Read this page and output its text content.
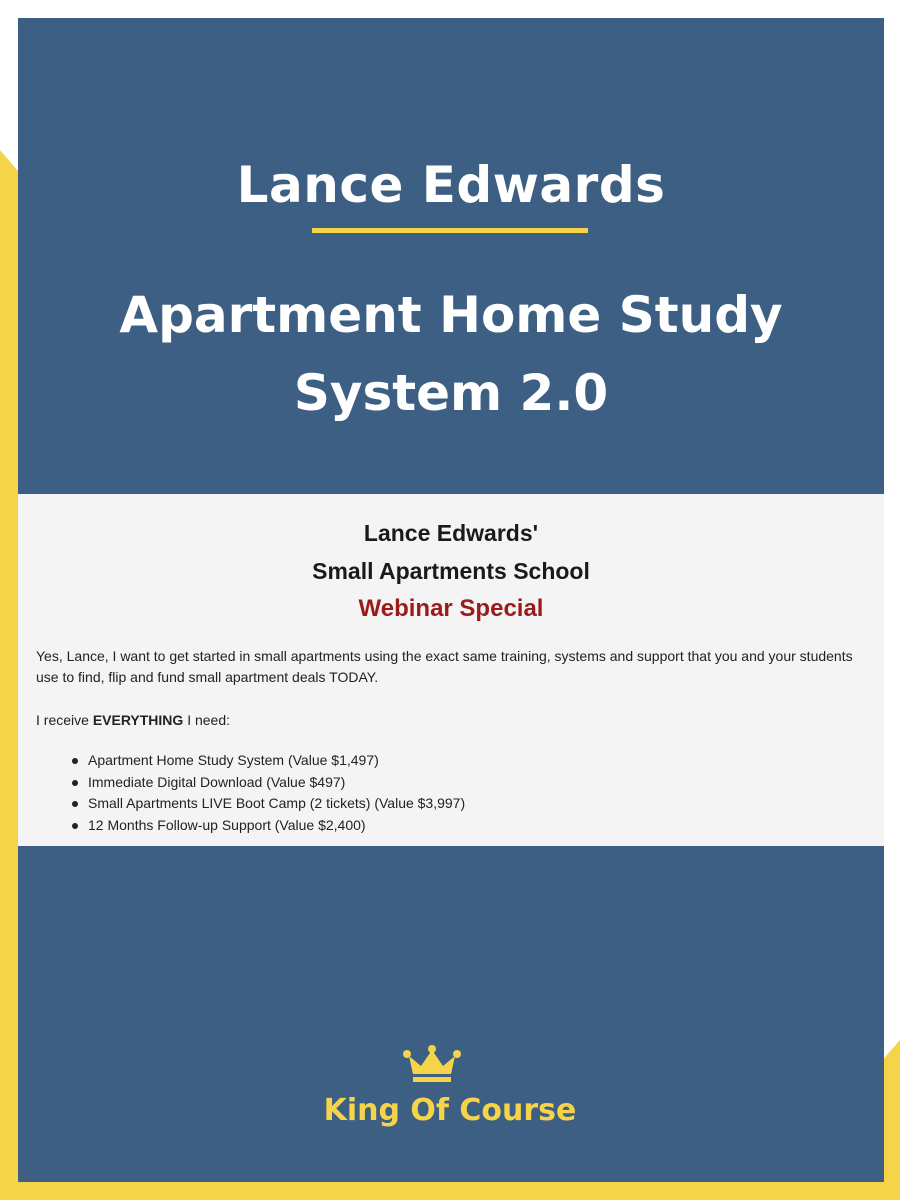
Lance Edwards
Apartment Home Study
System 2.0
Lance Edwards'
Small Apartments School
Webinar Special

Yes, Lance, I want to get started in small apartments using the exact same training, systems and support that you and your students use to find, flip and fund small apartment deals TODAY.

I receive EVERYTHING I need:

Apartment Home Study System (Value $1,497)
Immediate Digital Download (Value $497)
Small Apartments LIVE Boot Camp (2 tickets) (Value $3,997)
12 Months Follow-up Support (Value $2,400)
King Of Course
